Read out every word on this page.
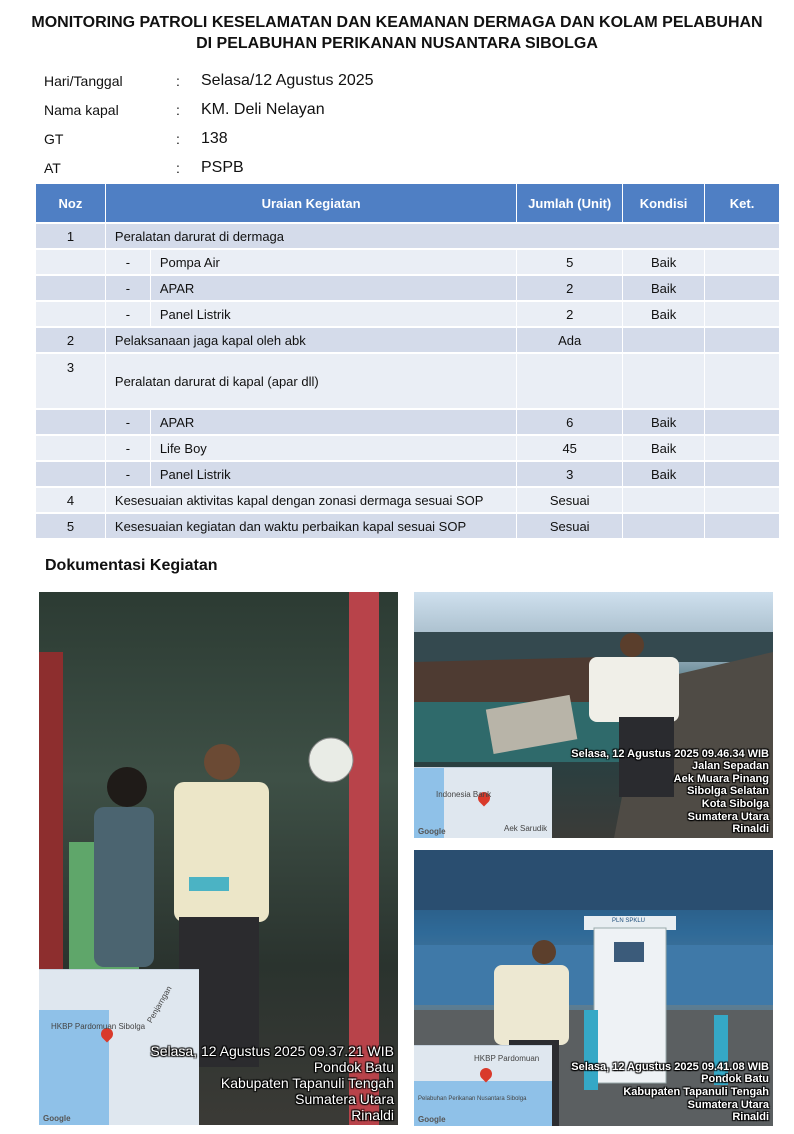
MONITORING PATROLI KESELAMATAN DAN KEAMANAN DERMAGA DAN KOLAM PELABUHAN
DI PELABUHAN PERIKANAN NUSANTARA SIBOLGA
Hari/Tanggal	:	Selasa/12 Agustus 2025
Nama kapal	:	KM. Deli Nelayan
GT	:	138
AT	:	PSPB
Noz	Uraian Kegiatan		Jumlah (Unit)	Kondisi	Ket.
1	Peralatan darurat di dermaga				
	-	Pompa Air	5	Baik	
	-	APAR	2	Baik	
	-	Panel Listrik	2	Baik	
2	Pelaksanaan jaga kapal oleh abk		Ada		
3	Peralatan darurat di kapal (apar dll)				
	-	APAR	6	Baik	
	-	Life Boy	45	Baik	
	-	Panel Listrik	3	Baik	
4	Kesesuaian aktivitas kapal dengan zonasi dermaga sesuai SOP		Sesuai		
5	Kesesuaian kegiatan dan waktu perbaikan kapal sesuai SOP		Sesuai		
Dokumentasi Kegiatan
HKBP Pardomuan Sibolga
Penjarngan
Google
Selasa, 12 Agustus 2025 09.37.21 WIB
Pondok Batu
Kabupaten Tapanuli Tengah
Sumatera Utara
Rinaldi
Indonesia Bank
Aek Sarudik
Google
Selasa, 12 Agustus 2025 09.46.34 WIB
Jalan Sepadan
Aek Muara Pinang
Sibolga Selatan
Kota Sibolga
Sumatera Utara
Rinaldi
PLN SPKLU
HKBP Pardomuan
Pelabuhan Perikanan Nusantara Sibolga
Google
Selasa, 12 Agustus 2025 09.41.08 WIB
Pondok Batu
Kabupaten Tapanuli Tengah
Sumatera Utara
Rinaldi
